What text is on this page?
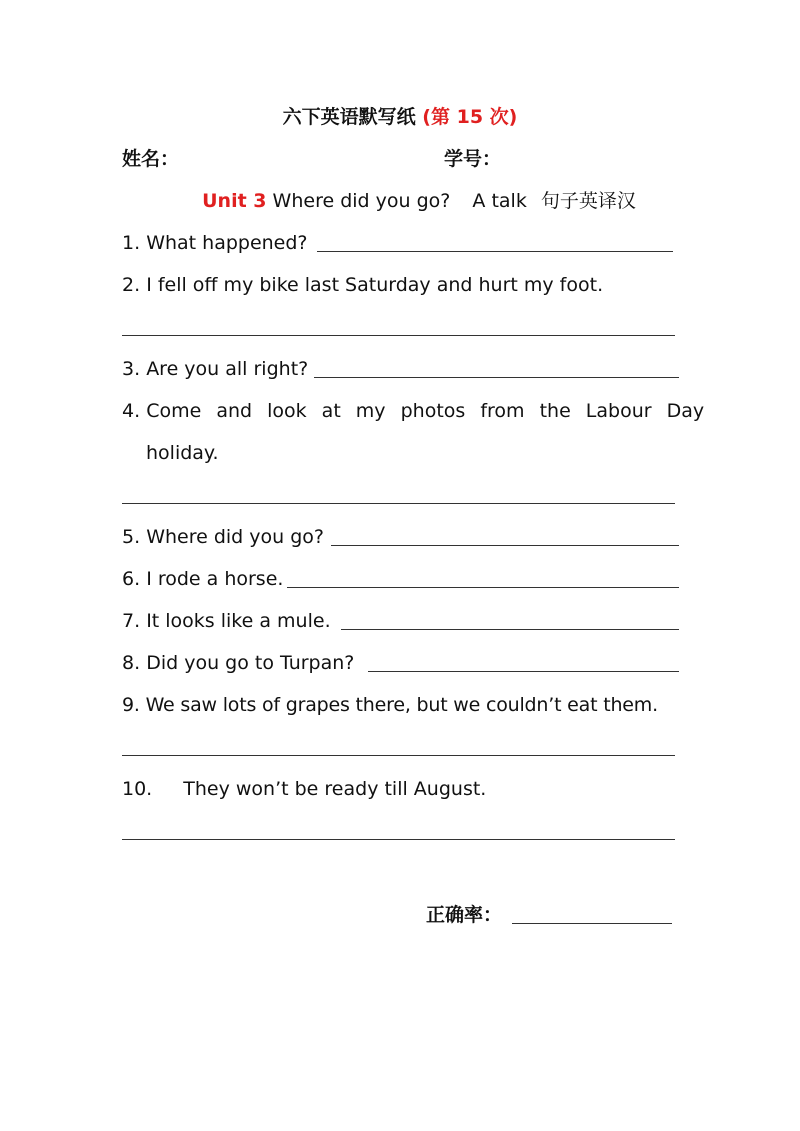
六下英语默写纸 (第 15 次)
姓名：	学号：
Unit 3 Where did you go? A talk 句子英译汉
1. What happened?
2. I fell off my bike last Saturday and hurt my foot.
3. Are you all right?
4. Come and look at my photos from the Labour Day
holiday.
5. Where did you go?
6. I rode a horse.
7. It looks like a mule.
8. Did you go to Turpan?
9. We saw lots of grapes there, but we couldn’t eat them.
10. They won’t be ready till August.
正确率：
